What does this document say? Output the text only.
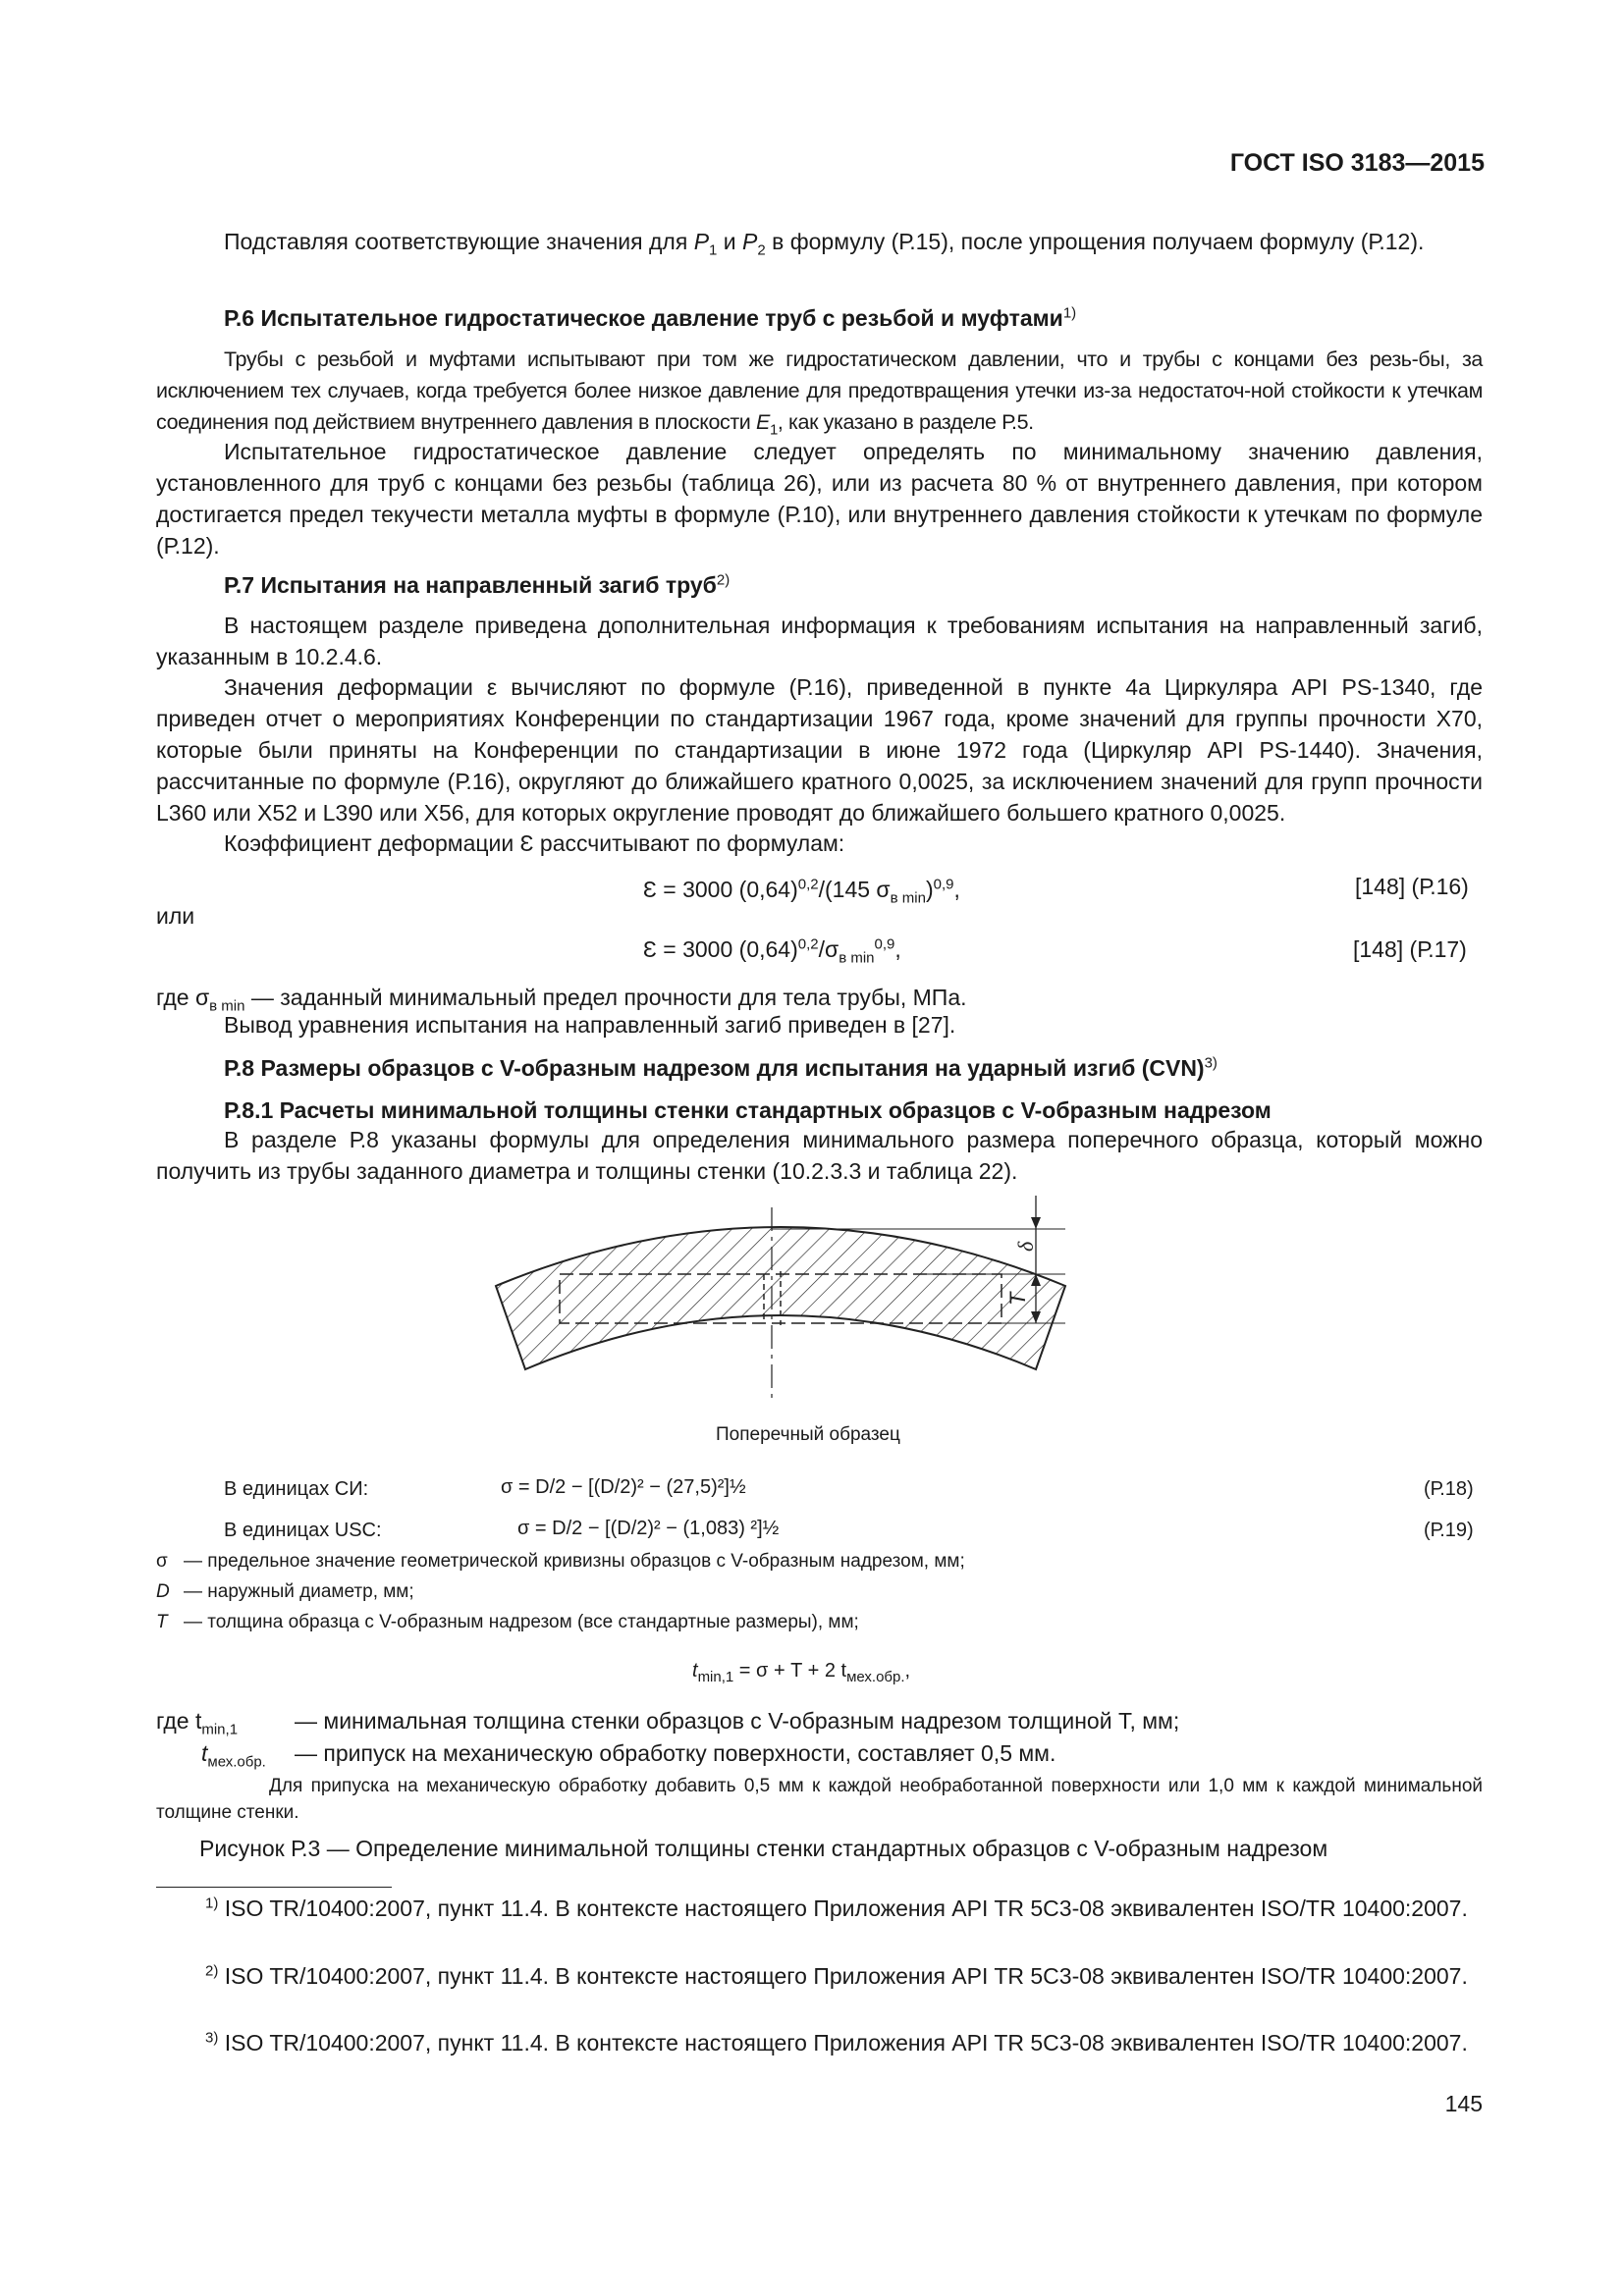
ГОСТ ISO 3183—2015
Подставляя соответствующие значения для $P_1$ и $P_2$ в формулу (Р.15), после упрощения получаем формулу (Р.12).
Р.6 Испытательное гидростатическое давление труб с резьбой и муфтами$^{1)}$
Трубы с резьбой и муфтами испытывают при том же гидростатическом давлении, что и трубы с концами без резь-бы, за исключением тех случаев, когда требуется более низкое давление для предотвращения утечки из-за недостаточ-ной стойкости к утечкам соединения под действием внутреннего давления в плоскости $E_1$, как указано в разделе Р.5.
Испытательное гидростатическое давление следует определять по минимальному значению давления, установленного для труб с концами без резьбы (таблица 26), или из расчета 80 % от внутреннего давления, при котором достигается предел текучести металла муфты в формуле (Р.10), или внутреннего давления стойкости к утечкам по формуле (Р.12).
Р.7 Испытания на направленный загиб труб$^{2)}$
В настоящем разделе приведена дополнительная информация к требованиям испытания на направленный загиб, указанным в 10.2.4.6.
Значения деформации ε вычисляют по формуле (Р.16), приведенной в пункте 4а Циркуляра API PS-1340, где приведен отчет о мероприятиях Конференции по стандартизации 1967 года, кроме значений для группы прочности Х70, которые были приняты на Конференции по стандартизации в июне 1972 года (Циркуляр API PS-1440). Значения, рассчитанные по формуле (Р.16), округляют до ближайшего кратного 0,0025, за исключением значений для групп прочности L360 или Х52 и L390 или Х56, для которых округление проводят до ближайшего большего кратного 0,0025.
Коэффициент деформации Ɛ рассчитывают по формулам:
Ɛ = 3000 $(0,64)^{0,2}/(145$ $\sigma_{в min})^{0,9}$,	[148] (Р.16)
или
Ɛ = 3000 $(0,64)^{0,2}/\sigma_{в min}^{0,9}$,	[148] (Р.17)
где $\sigma_{в min}$ — заданный минимальный предел прочности для тела трубы, МПа.
Вывод уравнения испытания на направленный загиб приведен в [27].
Р.8 Размеры образцов с V-образным надрезом для испытания на ударный изгиб (CVN)$^{3)}$
Р.8.1 Расчеты минимальной толщины стенки стандартных образцов с V-образным надрезом
В разделе Р.8 указаны формулы для определения минимального размера поперечного образца, который можно получить из трубы заданного диаметра и толщины стенки (10.2.3.3 и таблица 22).
δ
T
Поперечный образец
В единицах СИ:	σ = D/2 − [(D/2)² − (27,5)²]½	(Р.18)
В единицах USC:	σ = D/2 − [(D/2)² − (1,083) ²]½	(Р.19)
σ — предельное значение геометрической кривизны образцов с V-образным надрезом, мм;
D — наружный диаметр, мм;
T — толщина образца с V-образным надрезом (все стандартные размеры), мм;
$t_{min,1} = \sigma + T + 2$ $t_{мех.обр.}$,
где $t_{min,1}$	— минимальная толщина стенки образцов с V-образным надрезом толщиной T, мм;
$t_{мех.обр.}$ — припуск на механическую обработку поверхности, составляет 0,5 мм.
Для припуска на механическую обработку добавить 0,5 мм к каждой необработанной поверхности или 1,0 мм к каждой минимальной толщине стенки.
Рисунок Р.3 — Определение минимальной толщины стенки стандартных образцов с V-образным надрезом
$^{1)}$ ISO TR/10400:2007, пункт 11.4. В контексте настоящего Приложения API TR 5C3-08 эквивалентен ISO/TR 10400:2007.
$^{2)}$ ISO TR/10400:2007, пункт 11.4. В контексте настоящего Приложения API TR 5C3-08 эквивалентен ISO/TR 10400:2007.
$^{3)}$ ISO TR/10400:2007, пункт 11.4. В контексте настоящего Приложения API TR 5C3-08 эквивалентен ISO/TR 10400:2007.
145
